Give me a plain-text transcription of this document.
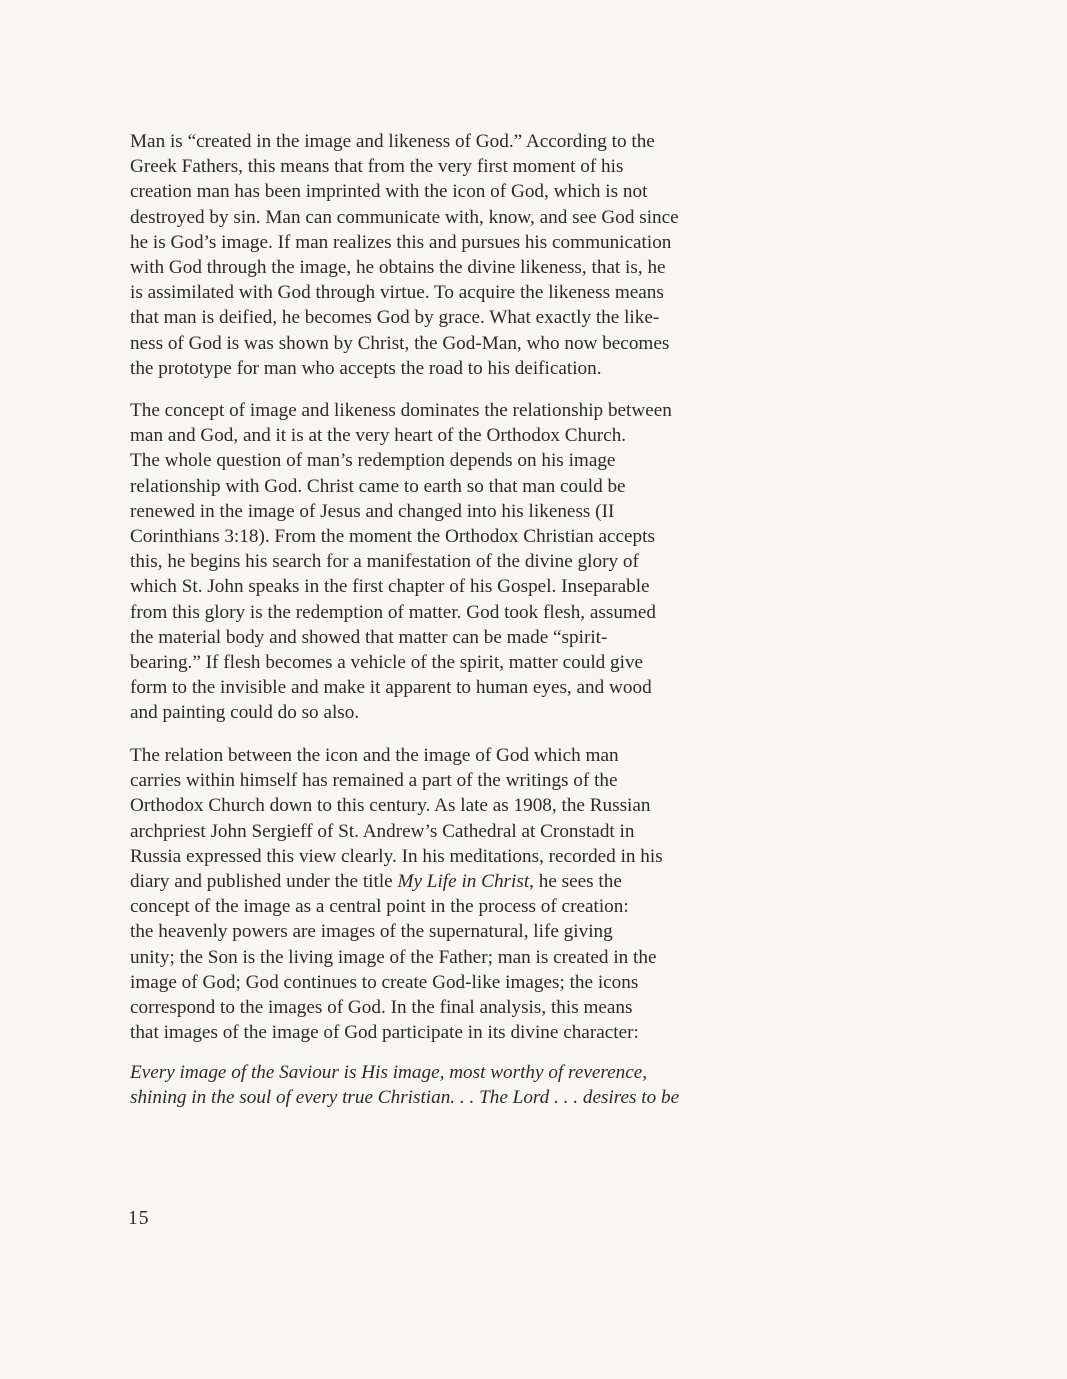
Man is “created in the image and likeness of God.” According to the
Greek Fathers, this means that from the very first moment of his
creation man has been imprinted with the icon of God, which is not
destroyed by sin. Man can communicate with, know, and see God since
he is God’s image. If man realizes this and pursues his communication
with God through the image, he obtains the divine likeness, that is, he
is assimilated with God through virtue. To acquire the likeness means
that man is deified, he becomes God by grace. What exactly the like-
ness of God is was shown by Christ, the God-Man, who now becomes
the prototype for man who accepts the road to his deification.
The concept of image and likeness dominates the relationship between
man and God, and it is at the very heart of the Orthodox Church.
The whole question of man’s redemption depends on his image
relationship with God. Christ came to earth so that man could be
renewed in the image of Jesus and changed into his likeness (II
Corinthians 3:18). From the moment the Orthodox Christian accepts
this, he begins his search for a manifestation of the divine glory of
which St. John speaks in the first chapter of his Gospel. Inseparable
from this glory is the redemption of matter. God took flesh, assumed
the material body and showed that matter can be made “spirit-
bearing.” If flesh becomes a vehicle of the spirit, matter could give
form to the invisible and make it apparent to human eyes, and wood
and painting could do so also.
The relation between the icon and the image of God which man
carries within himself has remained a part of the writings of the
Orthodox Church down to this century. As late as 1908, the Russian
archpriest John Sergieff of St. Andrew’s Cathedral at Cronstadt in
Russia expressed this view clearly. In his meditations, recorded in his
diary and published under the title My Life in Christ, he sees the
concept of the image as a central point in the process of creation:
the heavenly powers are images of the supernatural, life giving
unity; the Son is the living image of the Father; man is created in the
image of God; God continues to create God-like images; the icons
correspond to the images of God. In the final analysis, this means
that images of the image of God participate in its divine character:
Every image of the Saviour is His image, most worthy of reverence,
shining in the soul of every true Christian. . . The Lord . . . desires to be
15
